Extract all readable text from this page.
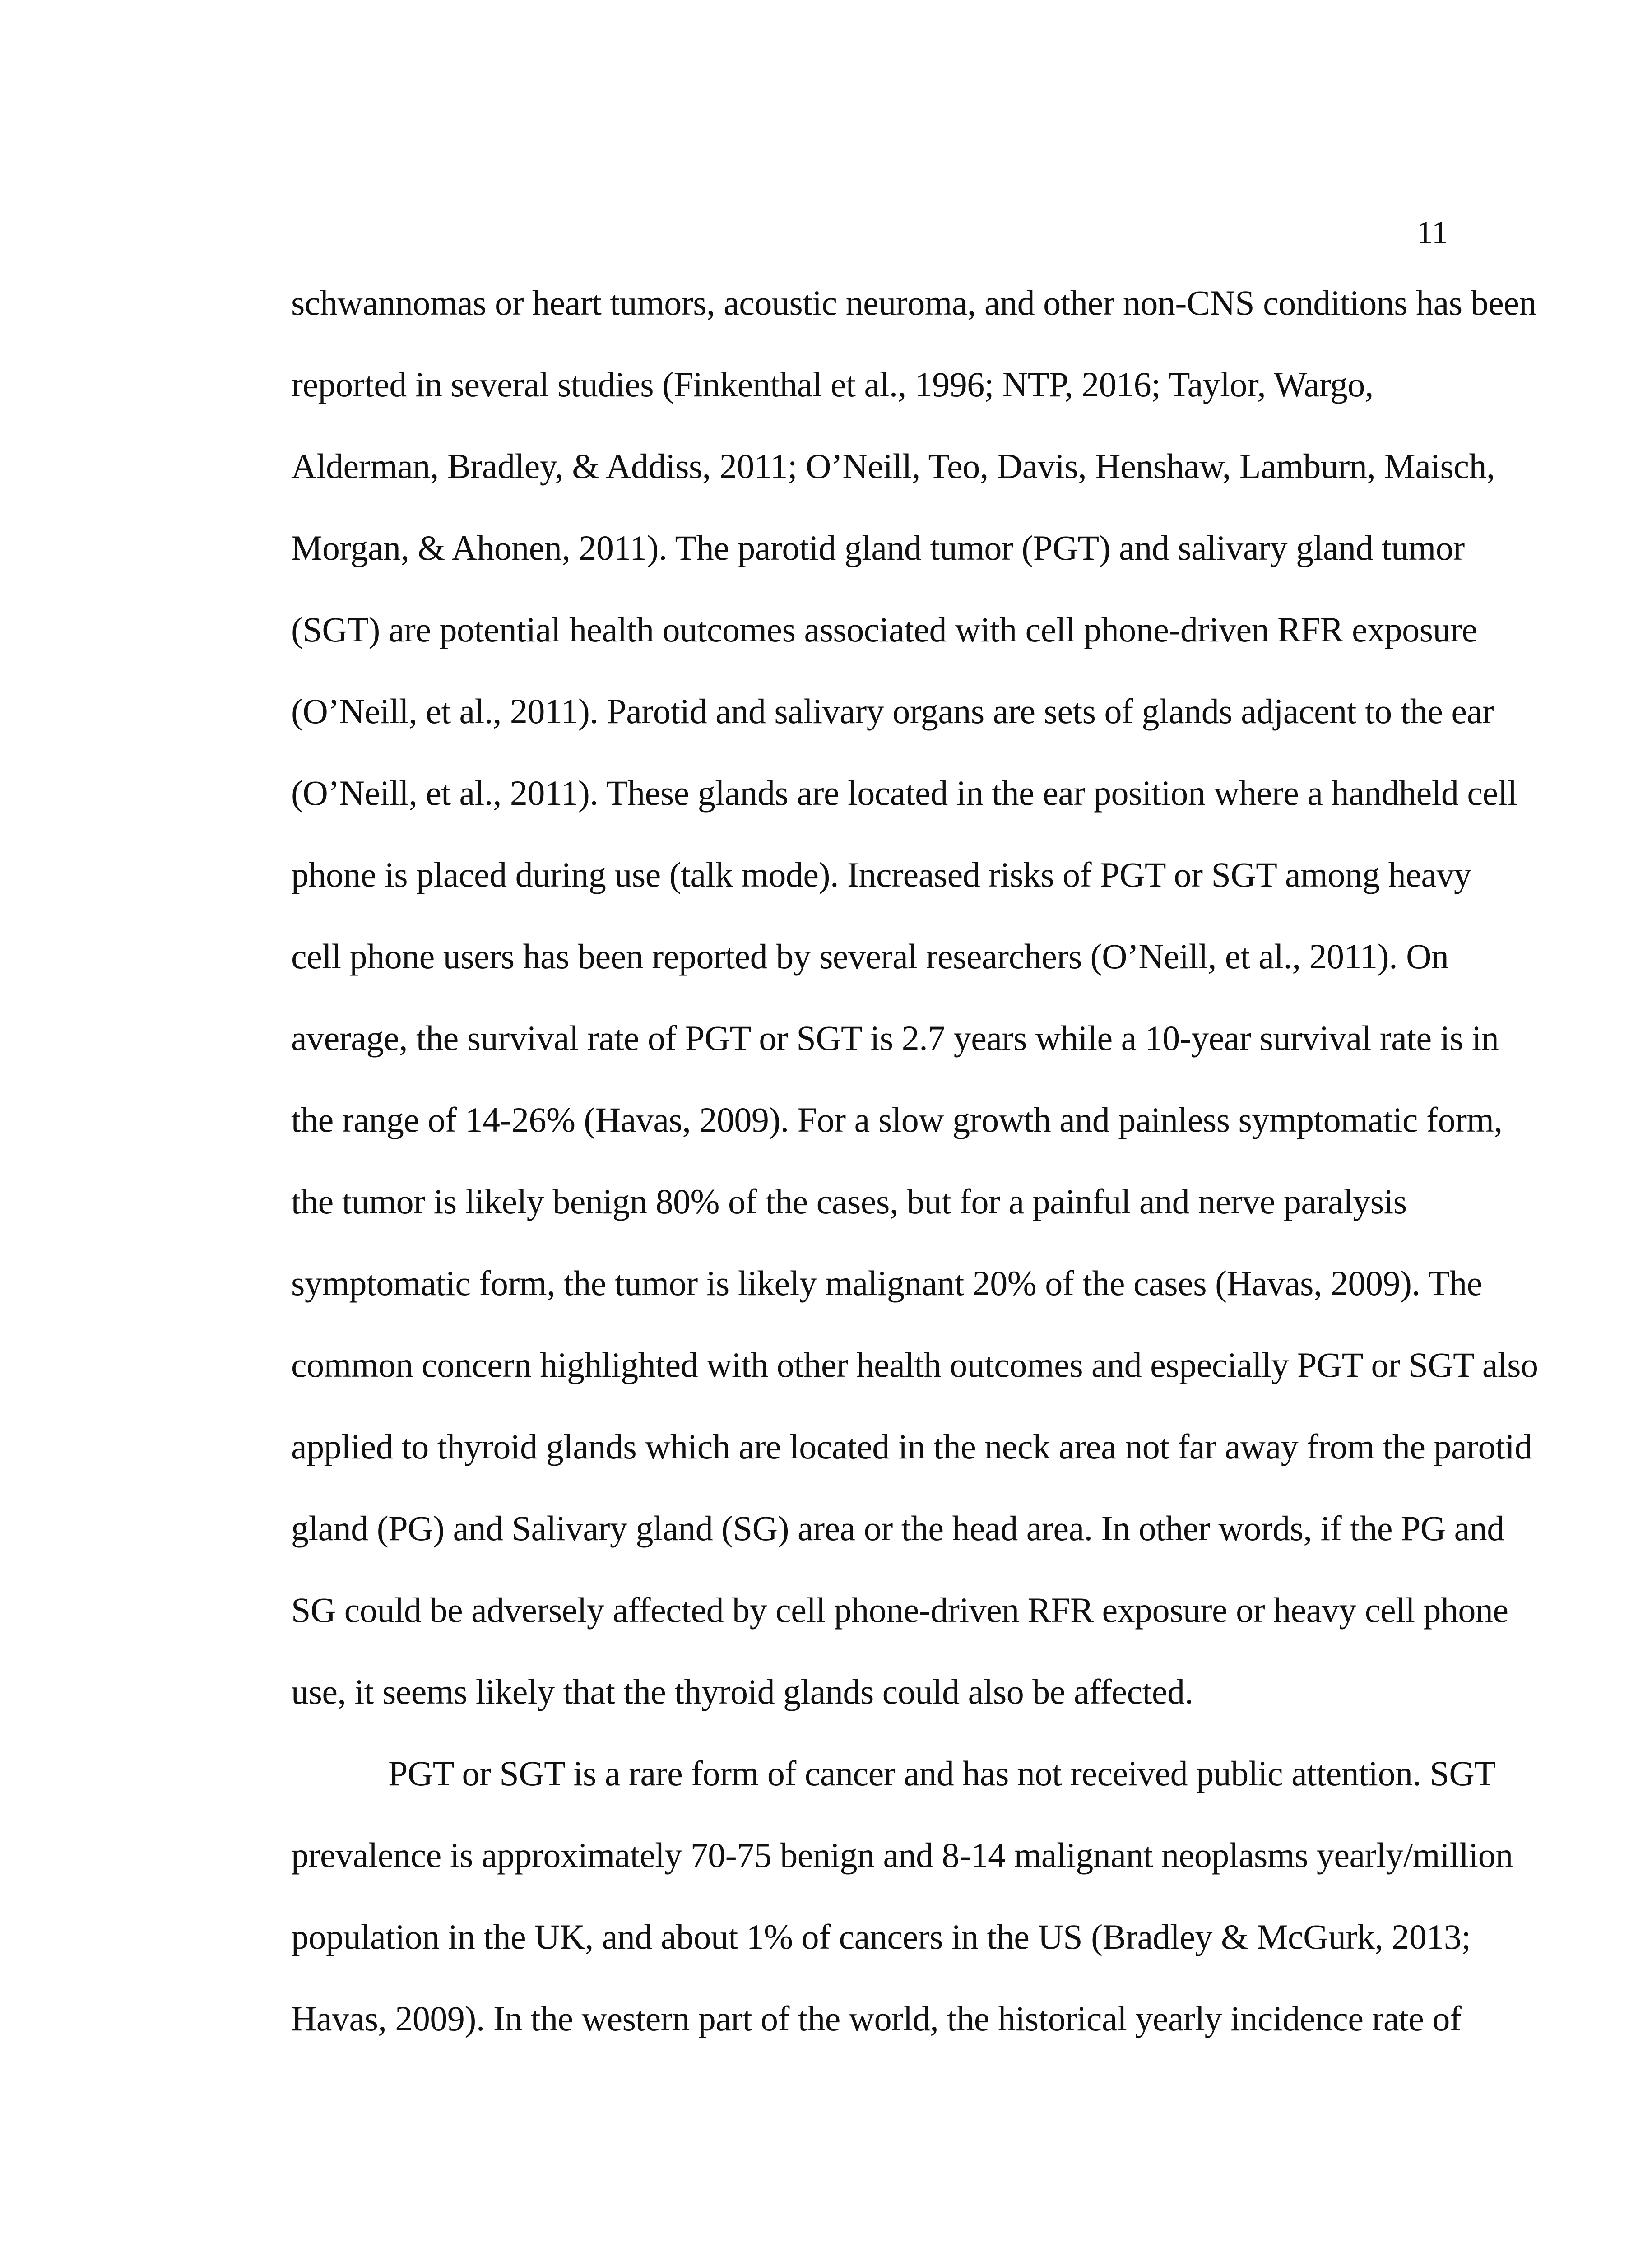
11
schwannomas or heart tumors, acoustic neuroma, and other non-CNS conditions has been
reported in several studies (Finkenthal et al., 1996; NTP, 2016; Taylor, Wargo,
Alderman, Bradley, & Addiss, 2011; O’Neill, Teo, Davis, Henshaw, Lamburn, Maisch,
Morgan, & Ahonen, 2011). The parotid gland tumor (PGT) and salivary gland tumor
(SGT) are potential health outcomes associated with cell phone-driven RFR exposure
(O’Neill, et al., 2011). Parotid and salivary organs are sets of glands adjacent to the ear
(O’Neill, et al., 2011). These glands are located in the ear position where a handheld cell
phone is placed during use (talk mode). Increased risks of PGT or SGT among heavy
cell phone users has been reported by several researchers (O’Neill, et al., 2011). On
average, the survival rate of PGT or SGT is 2.7 years while a 10-year survival rate is in
the range of 14-26% (Havas, 2009). For a slow growth and painless symptomatic form,
the tumor is likely benign 80% of the cases, but for a painful and nerve paralysis
symptomatic form, the tumor is likely malignant 20% of the cases (Havas, 2009). The
common concern highlighted with other health outcomes and especially PGT or SGT also
applied to thyroid glands which are located in the neck area not far away from the parotid
gland (PG) and Salivary gland (SG) area or the head area. In other words, if the PG and
SG could be adversely affected by cell phone-driven RFR exposure or heavy cell phone
use, it seems likely that the thyroid glands could also be affected.
PGT or SGT is a rare form of cancer and has not received public attention. SGT
prevalence is approximately 70-75 benign and 8-14 malignant neoplasms yearly/million
population in the UK, and about 1% of cancers in the US (Bradley & McGurk, 2013;
Havas, 2009). In the western part of the world, the historical yearly incidence rate of
